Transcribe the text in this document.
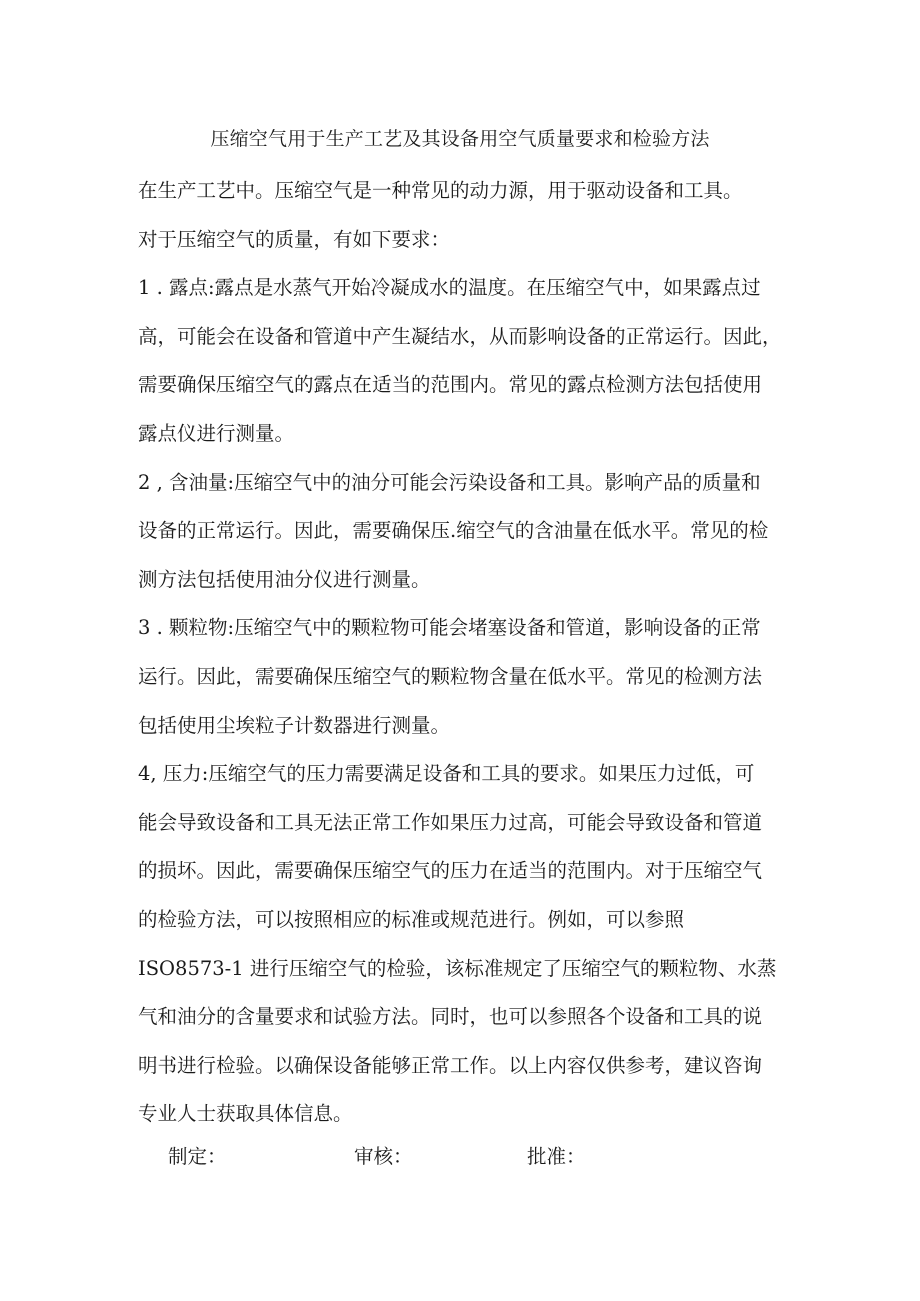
压缩空气用于生产工艺及其设备用空气质量要求和检验方法
在生产工艺中。压缩空气是一种常见的动力源，用于驱动设备和工具。
对于压缩空气的质量，有如下要求：
1 . 露点:露点是水蒸气开始冷凝成水的温度。在压缩空气中，如果露点过
高，可能会在设备和管道中产生凝结水，从而影响设备的正常运行。因此，
需要确保压缩空气的露点在适当的范围内。常见的露点检测方法包括使用
露点仪进行测量。
2 , 含油量:压缩空气中的油分可能会污染设备和工具。影响产品的质量和
设备的正常运行。因此，需要确保压.缩空气的含油量在低水平。常见的检
测方法包括使用油分仪进行测量。
3 . 颗粒物:压缩空气中的颗粒物可能会堵塞设备和管道，影响设备的正常
运行。因此，需要确保压缩空气的颗粒物含量在低水平。常见的检测方法
包括使用尘埃粒子计数器进行测量。
4, 压力:压缩空气的压力需要满足设备和工具的要求。如果压力过低，可
能会导致设备和工具无法正常工作如果压力过高，可能会导致设备和管道
的损坏。因此，需要确保压缩空气的压力在适当的范围内。对于压缩空气
的检验方法，可以按照相应的标准或规范进行。例如，可以参照
ISO8573-1 进行压缩空气的检验，该标准规定了压缩空气的颗粒物、水蒸
气和油分的含量要求和试验方法。同时，也可以参照各个设备和工具的说
明书进行检验。以确保设备能够正常工作。以上内容仅供参考，建议咨询
专业人士获取具体信息。
制定：	审核：	批准：
